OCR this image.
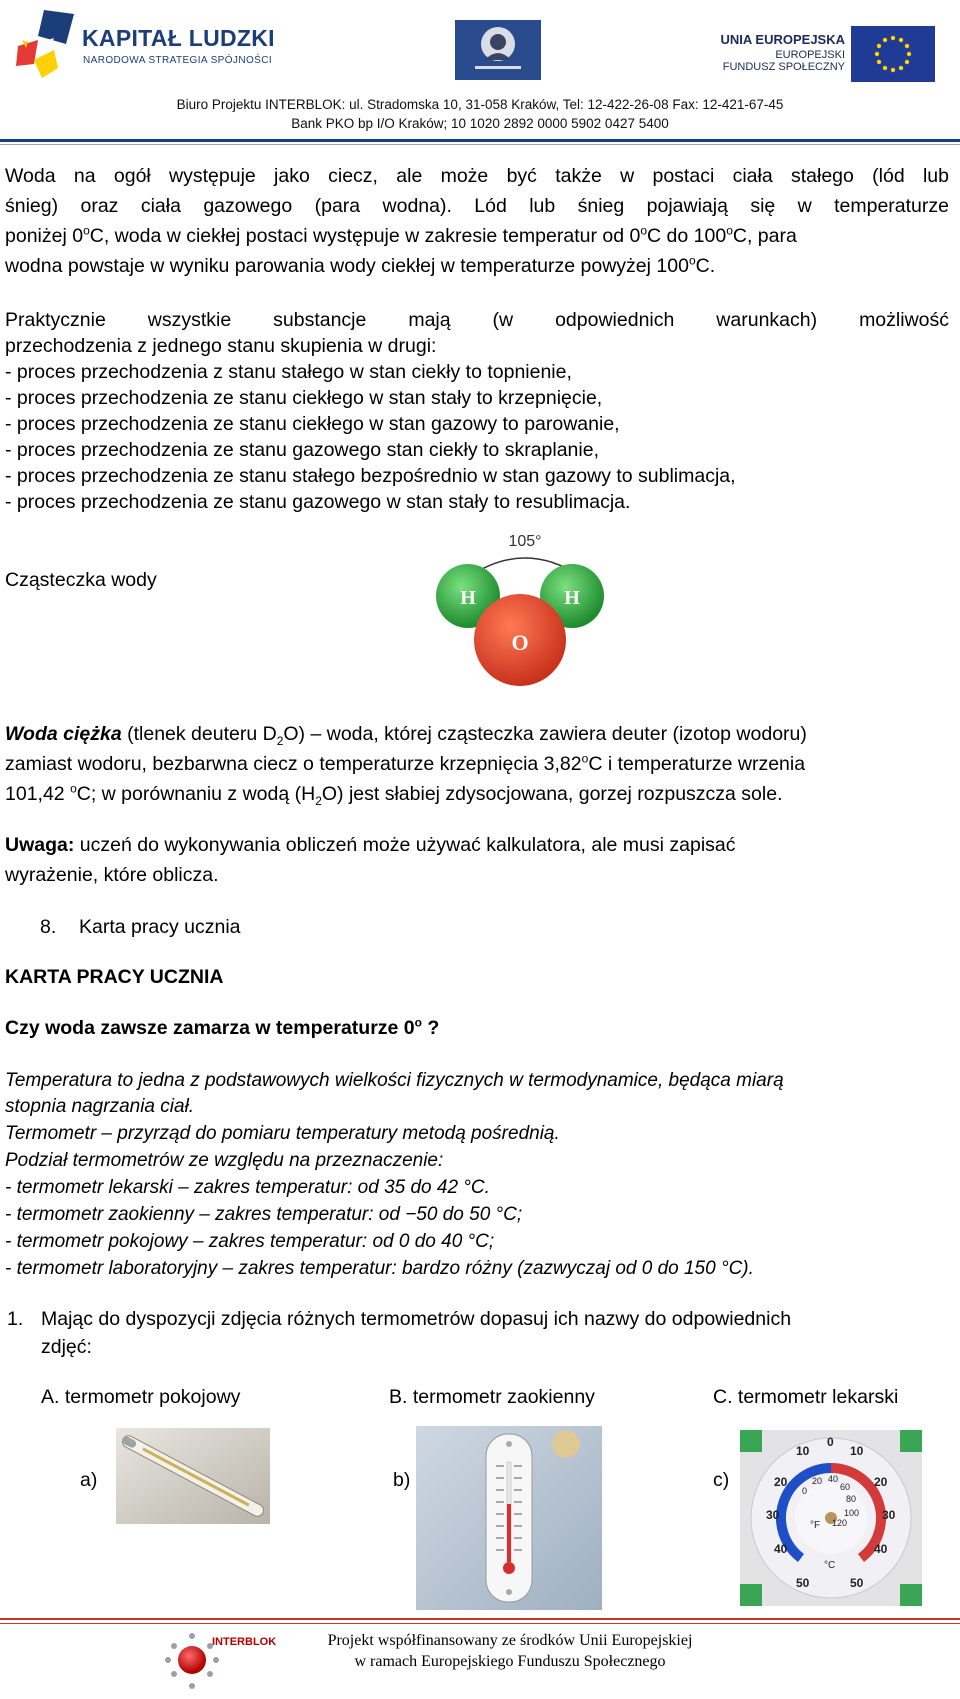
KAPITAŁ LUDZKI
NARODOWA STRATEGIA SPÓJNOŚCI
UNIA EUROPEJSKA
EUROPEJSKI
FUNDUSZ SPOŁECZNY
Biuro Projektu INTERBLOK: ul. Stradomska 10, 31-058 Kraków, Tel: 12-422-26-08 Fax: 12-421-67-45
Bank PKO bp I/O Kraków; 10 1020 2892 0000 5902 0427 5400
Woda na ogół występuje jako ciecz, ale może być także w postaci ciała stałego (lód lub
śnieg) oraz ciała gazowego (para wodna). Lód lub śnieg pojawiają się w temperaturze
poniżej 0$^o$C, woda w ciekłej postaci występuje w zakresie temperatur od 0$^o$C do 100$^o$C, para
wodna powstaje w wyniku parowania wody ciekłej w temperaturze powyżej 100$^o$C.
Praktycznie wszystkie substancje mają (w odpowiednich warunkach) możliwość
przechodzenia z jednego stanu skupienia w drugi:
- proces przechodzenia z stanu stałego w stan ciekły to topnienie,
- proces przechodzenia ze stanu ciekłego w stan stały to krzepnięcie,
- proces przechodzenia ze stanu ciekłego w stan gazowy to parowanie,
- proces przechodzenia ze stanu gazowego stan ciekły to skraplanie,
- proces przechodzenia ze stanu stałego bezpośrednio w stan gazowy to sublimacja,
- proces przechodzenia ze stanu gazowego w stan stały to resublimacja.
Cząsteczka wody
105°
H	H
O
Woda ciężka (tlenek deuteru $D_2O$) – woda, której cząsteczka zawiera deuter (izotop wodoru)
zamiast wodoru, bezbarwna ciecz o temperaturze krzepnięcia 3,82$^o$C i temperaturze wrzenia
101,42 $^o$C; w porównaniu z wodą $(H_2O)$ jest słabiej zdysocjowana, gorzej rozpuszcza sole.
Uwaga: uczeń do wykonywania obliczeń może używać kalkulatora, ale musi zapisać
wyrażenie, które oblicza.
8. Karta pracy ucznia
KARTA PRACY UCZNIA
Czy woda zawsze zamarza w temperaturze 0$^o$ ?
Temperatura to jedna z podstawowych wielkości fizycznych w termodynamice, będąca miarą
stopnia nagrzania ciał.
Termometr – przyrząd do pomiaru temperatury metodą pośrednią.
Podział termometrów ze względu na przeznaczenie:
- termometr lekarski – zakres temperatur: od 35 do 42 °C.
- termometr zaokienny – zakres temperatur: od −50 do 50 °C;
- termometr pokojowy – zakres temperatur: od 0 do 40 °C;
- termometr laboratoryjny – zakres temperatur: bardzo różny (zazwyczaj od 0 do 150 °C).
1. Mając do dyspozycji zdjęcia różnych termometrów dopasuj ich nazwy do odpowiednich
zdjęć:
A. termometr pokojowy	B. termometr zaokienny	C. termometr lekarski
a)	b)	c)
0
10
20
30
40
50
10
20
30
40
50
0
20 40
60
80
100
120
°F
°C
INTERBLOK	Projekt współfinansowany ze środków Unii Europejskiej
w ramach Europejskiego Funduszu Społecznego
